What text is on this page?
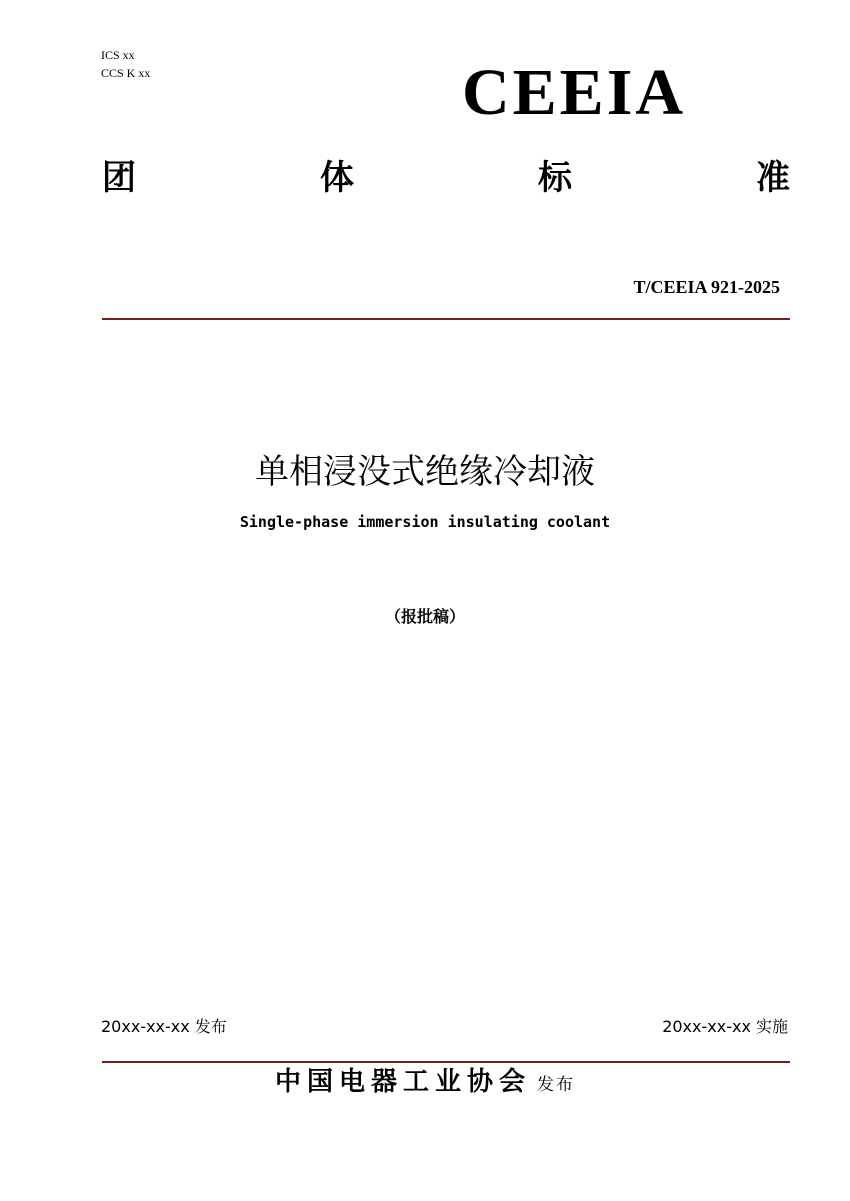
ICS xx
CCS K xx	CEEIA
团	体	标	准
T/CEEIA 921-2025
单相浸没式绝缘冷却液
Single-phase immersion insulating coolant
（报批稿）
20xx-xx-xx 发布	20xx-xx-xx 实施
中国电器工业协会 发布
